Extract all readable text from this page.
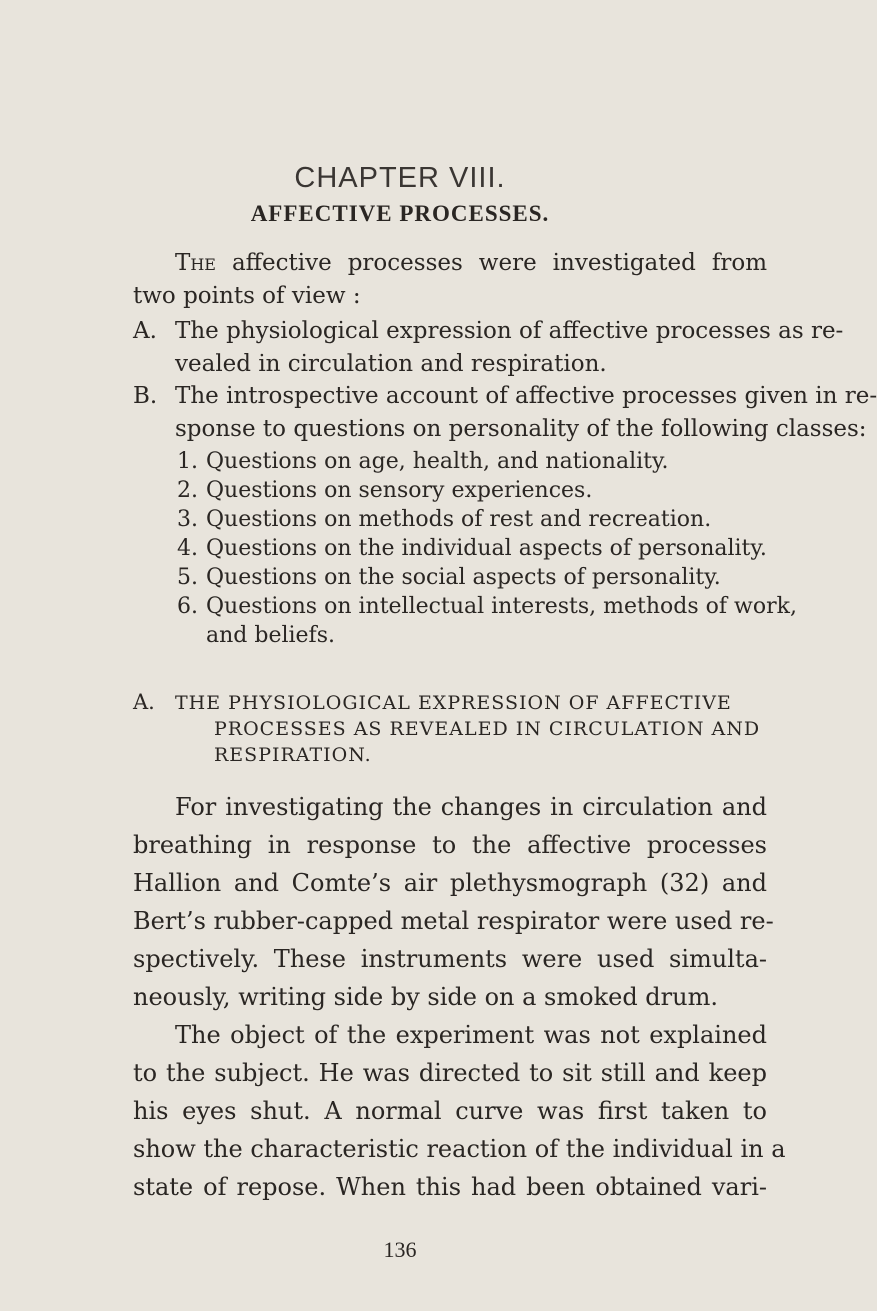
CHAPTER VIII.
AFFECTIVE PROCESSES.
The affective processes were investigated from
two points of view :
A. The physiological expression of affective processes as re-
vealed in circulation and respiration.
B. The introspective account of affective processes given in re-
sponse to questions on personality of the following classes:
1. Questions on age, health, and nationality.
2. Questions on sensory experiences.
3. Questions on methods of rest and recreation.
4. Questions on the individual aspects of personality.
5. Questions on the social aspects of personality.
6. Questions on intellectual interests, methods of work,
and beliefs.
A. THE PHYSIOLOGICAL EXPRESSION OF AFFECTIVE
PROCESSES AS REVEALED IN CIRCULATION AND
RESPIRATION.
For investigating the changes in circulation and
breathing in response to the affective processes
Hallion and Comte’s air plethysmograph (32) and
Bert’s rubber-capped metal respirator were used re-
spectively. These instruments were used simulta-
neously, writing side by side on a smoked drum.
The object of the experiment was not explained
to the subject. He was directed to sit still and keep
his eyes shut. A normal curve was first taken to
show the characteristic reaction of the individual in a
state of repose. When this had been obtained vari-
136
